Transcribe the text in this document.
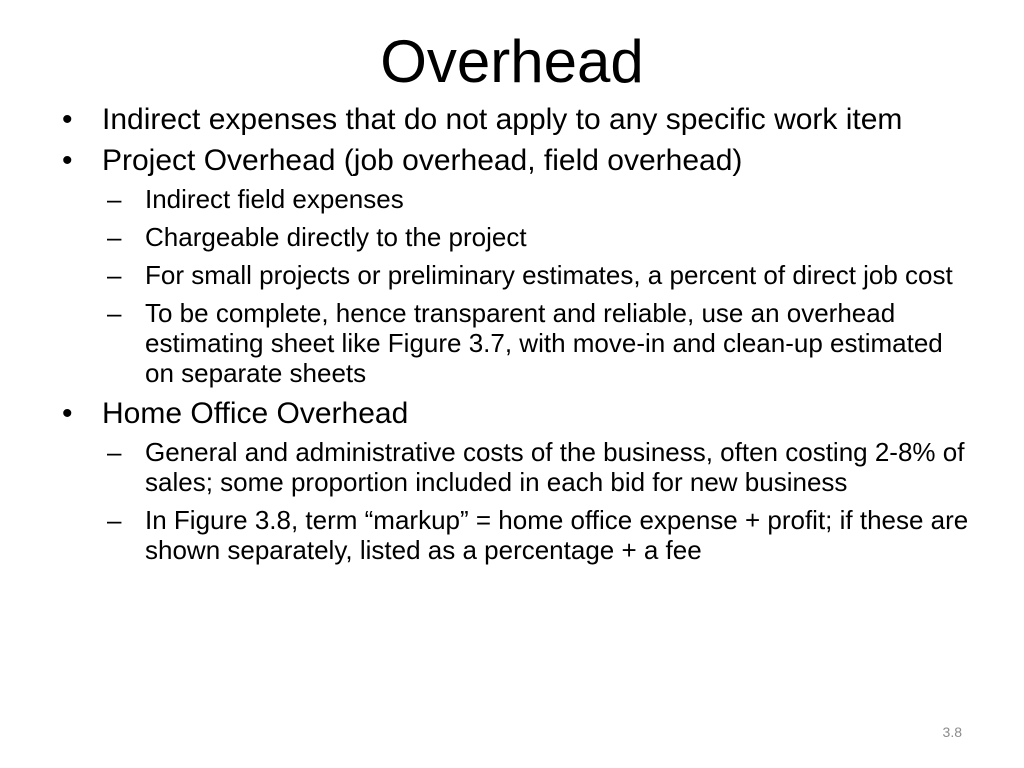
Overhead
• Indirect expenses that do not apply to any specific work item
• Project Overhead (job overhead, field overhead)
– Indirect field expenses
– Chargeable directly to the project
– For small projects or preliminary estimates, a percent of direct job cost
– To be complete, hence transparent and reliable, use an overhead estimating sheet like Figure 3.7, with move-in and clean-up estimated on separate sheets
• Home Office Overhead
– General and administrative costs of the business, often costing 2-8% of sales; some proportion included in each bid for new business
– In Figure 3.8, term “markup” = home office expense + profit; if these are shown separately, listed as a percentage + a fee
3.8
